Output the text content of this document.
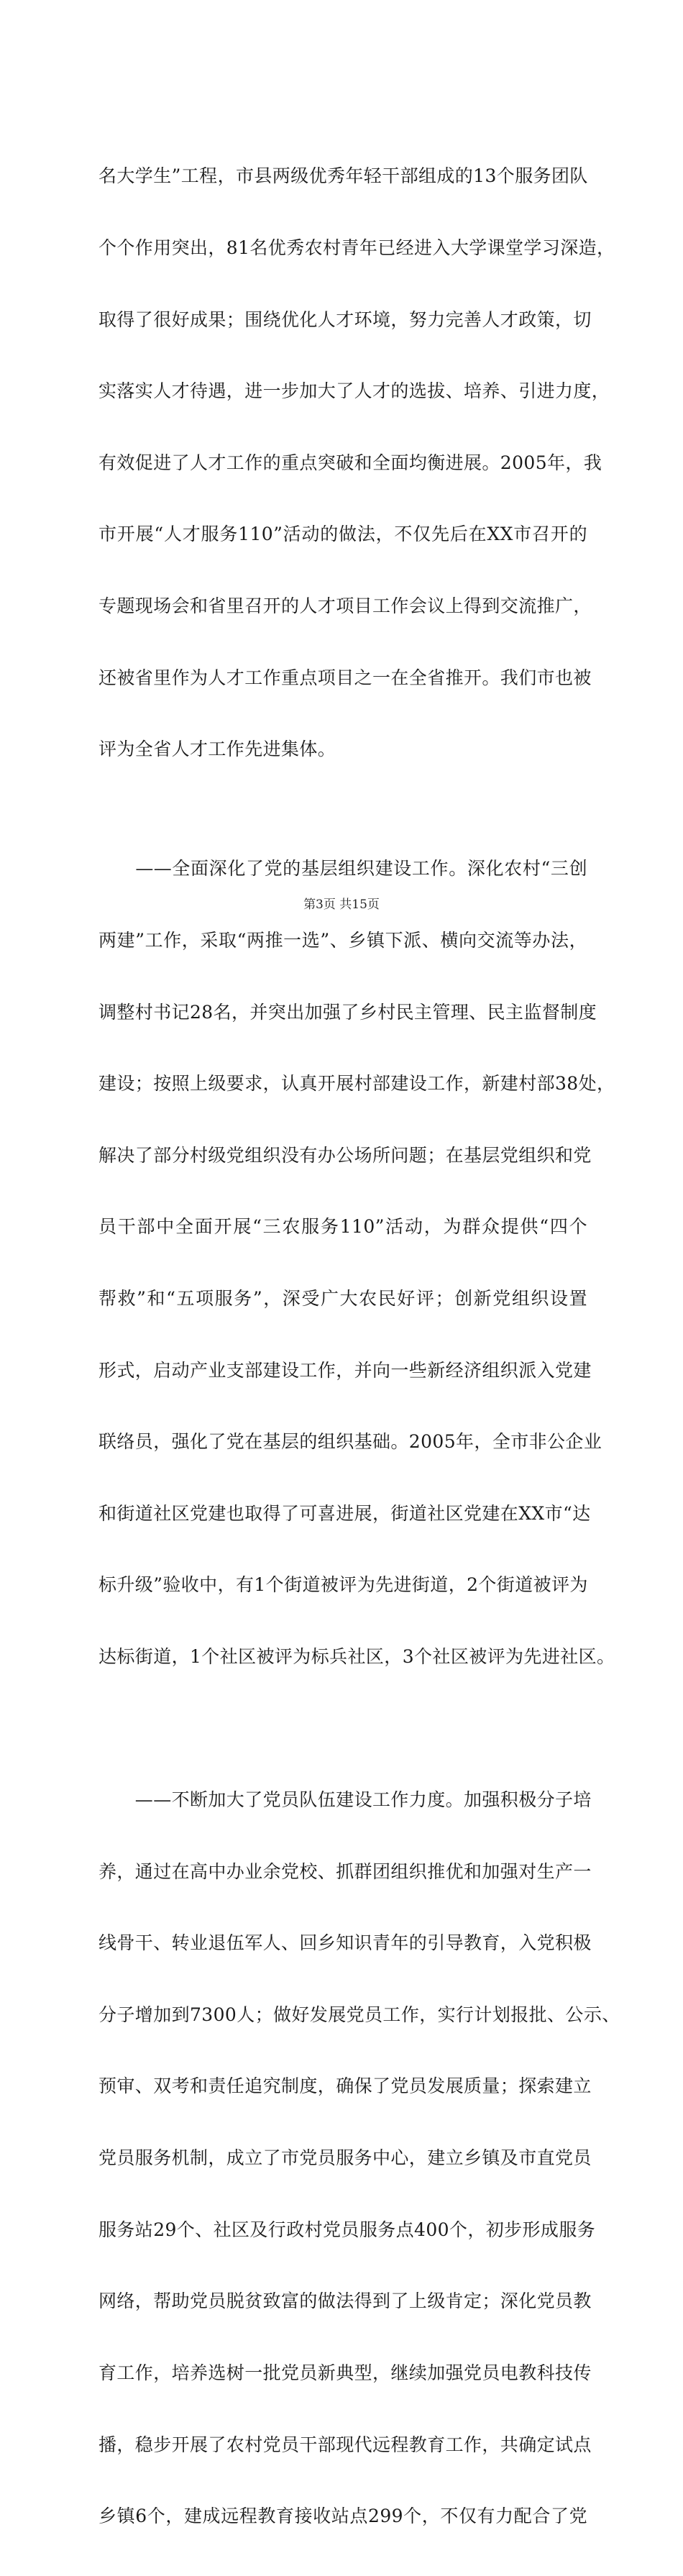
名大学生”工程，市县两级优秀年轻干部组成的13个服务团队

个个作用突出，81名优秀农村青年已经进入大学课堂学习深造，

取得了很好成果；围绕优化人才环境，努力完善人才政策，切

实落实人才待遇，进一步加大了人才的选拔、培养、引进力度，

有效促进了人才工作的重点突破和全面均衡进展。2005年，我

市开展“人才服务110”活动的做法，不仅先后在XX市召开的

专题现场会和省里召开的人才项目工作会议上得到交流推广，

还被省里作为人才工作重点项目之一在全省推开。我们市也被

评为全省人才工作先进集体。

　　——全面深化了党的基层组织建设工作。深化农村“三创

两建”工作，采取“两推一选”、乡镇下派、横向交流等办法，

调整村书记28名，并突出加强了乡村民主管理、民主监督制度

建设；按照上级要求，认真开展村部建设工作，新建村部38处，

解决了部分村级党组织没有办公场所问题；在基层党组织和党

员干部中全面开展“三农服务110”活动，为群众提供“四个

帮救”和“五项服务”，深受广大农民好评；创新党组织设置

形式，启动产业支部建设工作，并向一些新经济组织派入党建

联络员，强化了党在基层的组织基础。2005年，全市非公企业

和街道社区党建也取得了可喜进展，街道社区党建在XX市“达

标升级”验收中，有1个街道被评为先进街道，2个街道被评为

达标街道，1个社区被评为标兵社区，3个社区被评为先进社区。

　　——不断加大了党员队伍建设工作力度。加强积极分子培

养，通过在高中办业余党校、抓群团组织推优和加强对生产一

线骨干、转业退伍军人、回乡知识青年的引导教育，入党积极

分子增加到7300人；做好发展党员工作，实行计划报批、公示、

预审、双考和责任追究制度，确保了党员发展质量；探索建立

党员服务机制，成立了市党员服务中心，建立乡镇及市直党员

服务站29个、社区及行政村党员服务点400个，初步形成服务

网络，帮助党员脱贫致富的做法得到了上级肯定；深化党员教

育工作，培养选树一批党员新典型，继续加强党员电教科技传

播，稳步开展了农村党员干部现代远程教育工作，共确定试点

乡镇6个，建成远程教育接收站点299个，不仅有力配合了党

第3页 共15页
